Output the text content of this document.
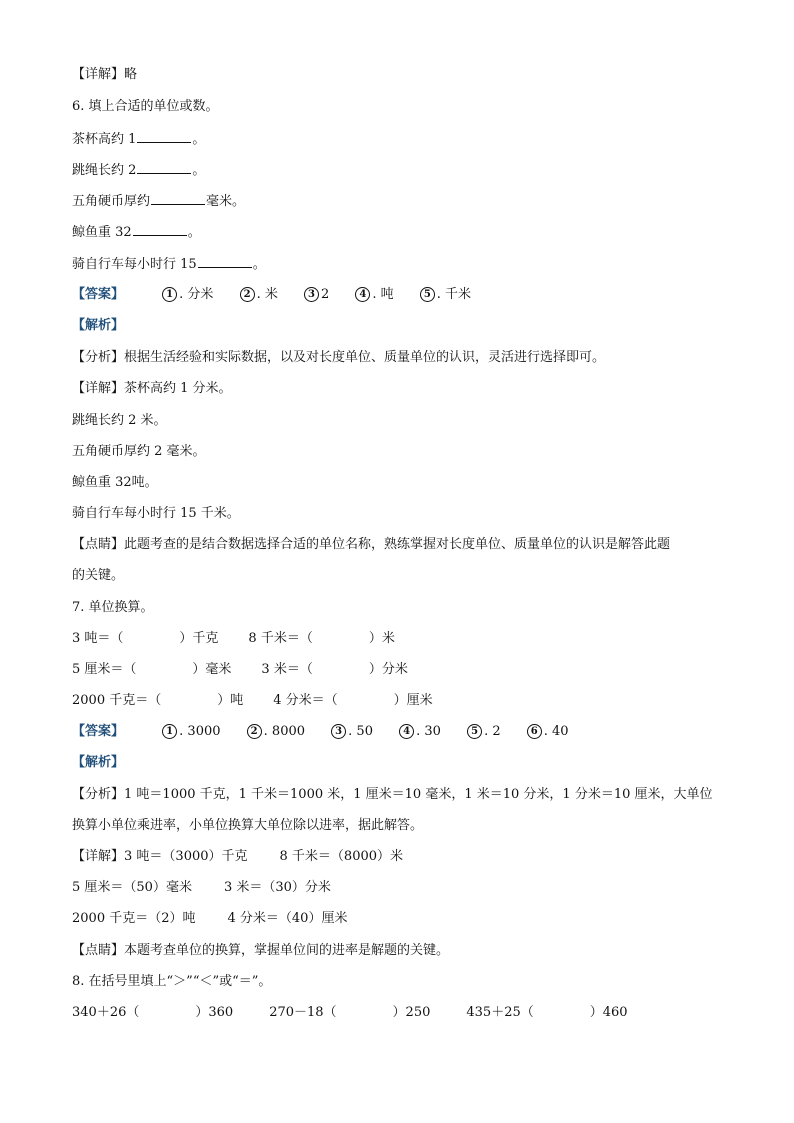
【详解】略
6. 填上合适的单位或数。
茶杯高约 1	。
跳绳长约 2	。
五角硬币厚约	毫米。
鲸鱼重 32	。
骑自行车每小时行 15	。
【答案】	1 . 分米	2 . 米	3 2	4 . 吨	5 . 千米
【解析】
【分析】根据生活经验和实际数据，以及对长度单位、质量单位的认识，灵活进行选择即可。
【详解】茶杯高约 1 分米。
跳绳长约 2 米。
五角硬币厚约 2 毫米。
鲸鱼重 32吨。
骑自行车每小时行 15 千米。
【点睛】此题考查的是结合数据选择合适的单位名称，熟练掌握对长度单位、质量单位的认识是解答此题
的关键。
7. 单位换算。
3 吨＝（	）千克 8 千米＝（	）米
5 厘米＝（	）毫米 3 米＝（	）分米
2000 千克＝（	）吨 4 分米＝（	）厘米
【答案】	1 . 3000	2 . 8000	3 . 50	4 . 30	5 . 2	6 . 40
【解析】
【分析】1 吨＝1000 千克，1 千米＝1000 米，1 厘米＝10 毫米，1 米＝10 分米，1 分米＝10 厘米，大单位
换算小单位乘进率，小单位换算大单位除以进率，据此解答。
【详解】3 吨＝（3000）千克 8 千米＝（8000）米
5 厘米＝（50）毫米 3 米＝（30）分米
2000 千克＝（2）吨 4 分米＝（40）厘米
【点睛】本题考查单位的换算，掌握单位间的进率是解题的关键。
8. 在括号里填上“＞”“＜”或“＝”。
340＋26（	）360	270－18（	）250	435＋25（	）460
